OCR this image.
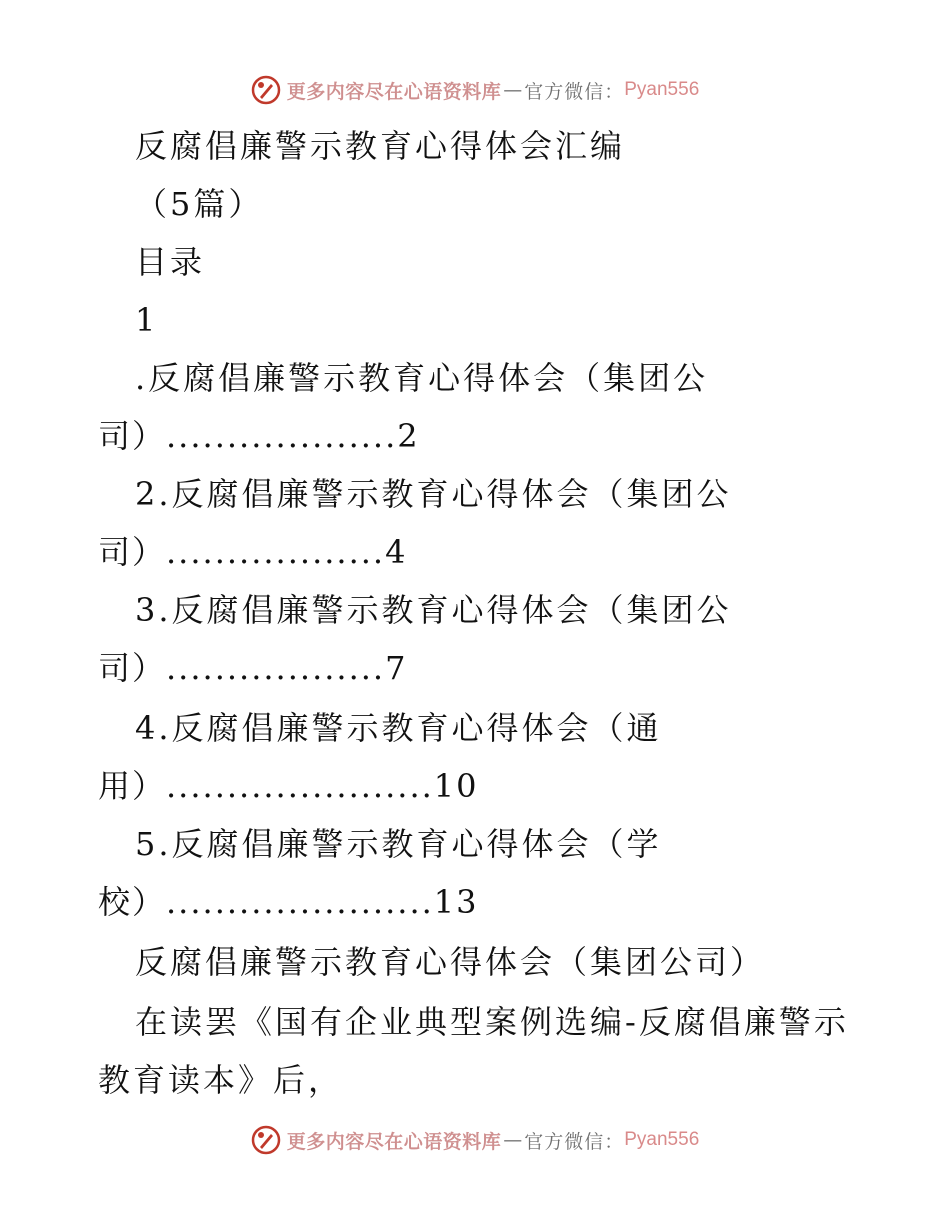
更多内容尽在心语资料库 — 官方微信： Pyan556
反腐倡廉警示教育心得体会汇编
（5篇）
目录
1
.反腐倡廉警示教育心得体会（集团公
司）...................2
2.反腐倡廉警示教育心得体会（集团公
司）..................4
3.反腐倡廉警示教育心得体会（集团公
司）..................7
4.反腐倡廉警示教育心得体会（通
用）......................10
5.反腐倡廉警示教育心得体会（学
校）......................13
反腐倡廉警示教育心得体会（集团公司）
在读罢《国有企业典型案例选编-反腐倡廉警示
教育读本》后，
更多内容尽在心语资料库 — 官方微信： Pyan556
